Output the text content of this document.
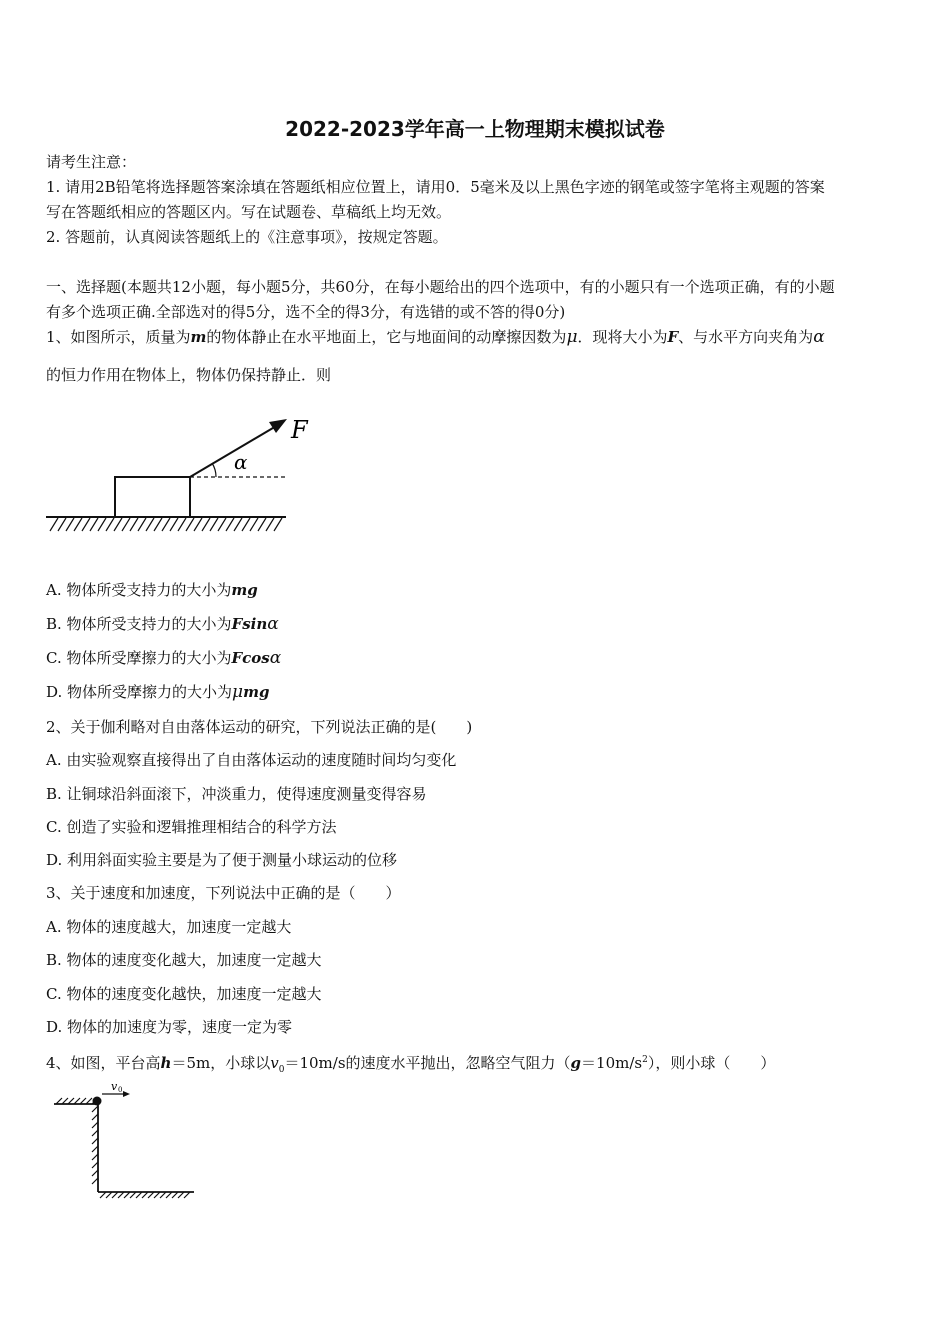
2022-2023学年高一上物理期末模拟试卷
请考生注意：
1. 请用2B铅笔将选择题答案涂填在答题纸相应位置上，请用0．5毫米及以上黑色字迹的钢笔或签字笔将主观题的答案
写在答题纸相应的答题区内。写在试题卷、草稿纸上均无效。
2. 答题前，认真阅读答题纸上的《注意事项》，按规定答题。
一、选择题(本题共12小题，每小题5分，共60分，在每小题给出的四个选项中，有的小题只有一个选项正确，有的小题
有多个选项正确.全部选对的得5分，选不全的得3分，有选错的或不答的得0分)
1、如图所示，质量为m的物体静止在水平地面上，它与地面间的动摩擦因数为μ．现将大小为F、与水平方向夹角为α
的恒力作用在物体上，物体仍保持静止．则
F
α
A. 物体所受支持力的大小为mg
B. 物体所受支持力的大小为Fsinα
C. 物体所受摩擦力的大小为Fcosα
D. 物体所受摩擦力的大小为μmg
2、关于伽利略对自由落体运动的研究，下列说法正确的是(　　)
A. 由实验观察直接得出了自由落体运动的速度随时间均匀变化
B. 让铜球沿斜面滚下，冲淡重力，使得速度测量变得容易
C. 创造了实验和逻辑推理相结合的科学方法
D. 利用斜面实验主要是为了便于测量小球运动的位移
3、关于速度和加速度，下列说法中正确的是（　　）
A. 物体的速度越大，加速度一定越大
B. 物体的速度变化越大，加速度一定越大
C. 物体的速度变化越快，加速度一定越大
D. 物体的加速度为零，速度一定为零
4、如图，平台高h＝5m，小球以$v_0=10m/s$的速度水平抛出，忽略空气阻力$(g=10m/s^2)$，则小球（　　）
v 0
